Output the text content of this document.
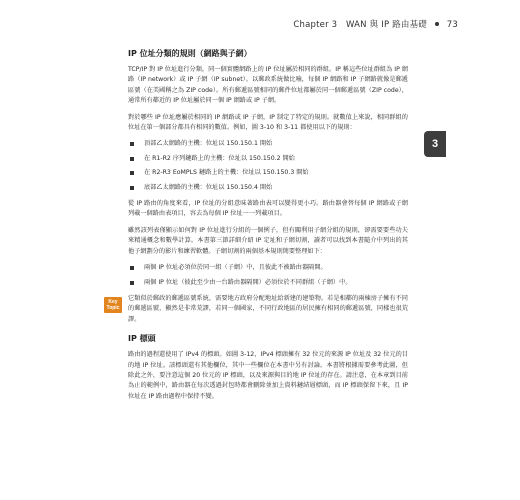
Chapter 3 WAN 與 IP 路由基礎 73
3
Key
Topic
IP 位址分類的規則（網路與子網）

TCP/IP 對 IP 位址進行分類。同一個實體網路上的 IP 位址屬於相同的群組。IP 稱這些位址群組為 IP 網路（IP network）或 IP 子網（IP subnet）。以郵政系統做比喻，每個 IP 網路和 IP 子網路就像是郵遞區號（在美國稱之為 ZIP code）。所有郵遞區號相同的郵件位址都屬於同一個郵遞區號（ZIP code），通常所有鄰近的 IP 位址屬於同一個 IP 網路或 IP 子網。

對於哪些 IP 位址應屬於相同的 IP 網路或 IP 子網，IP 制定了特定的規則。就數值上來說，相同群組的位址在第一個部分都具有相同的數值。例如，圖 3-10 和 3-11 都使用以下的規則：

頂部乙太網路的主機：位址以 150.150.1 開始
在 R1-R2 序列鏈路上的主機：位址以 150.150.2 開始
在 R2-R3 EoMPLS 鏈路上的主機：位址以 150.150.3 開始
底部乙太網路的主機：位址以 150.150.4 開始

從 IP 路由的角度來看，IP 位址的分組意味著路由表可以變得更小巧。路由器會替每個 IP 網路或子網列載一個路由表項目，容去為每個 IP 位址一一列載項目。

雖然該列表僅顯示如何對 IP 位址進行分組的一個例子，但有關利用子網分組的規則，卻需要要些功夫來精通概念和數學計算。本書第三節詳細介紹 IP 定址和子網切割，讀者可以找到本書隨介中列出的其他子網劃分的影片和練習軟體。子網切割的兩個基本規則簡要整理如下：

兩個 IP 位址必須位於同一組（子網）中，且彼此不被路由器隔開。
兩個 IP 位址（彼此至少由一台路由器隔開）必須位於不同群組（子網）中。

它類似於郵政的郵遞區號系統，需要地方政府分配地址給新建的建築物。若是相鄰的兩棟房子擁有不同的郵遞區號，顯然是非常荒謬，若同一個國家，不同行政地區的居民擁有相同的郵遞區號，同樣也很荒謬。

IP 標頭

路由的過程還使用了 IPv4 的標頭。如圖 3-12，IPv4 標頭擁有 32 位元的來源 IP 位址及 32 位元的目的地 IP 位址。該標頭還有其他欄位，其中一些欄位在本書中另有討論。本書將根據需要參考此圖，但除此之外，要注意這個 20 位元的 IP 標頭，以及來源與目的地 IP 位址的存在。請注意，在本章到目前為止的範例中，路由器在每次透過封包時都會刪除並加上資料鏈結層標頭，而 IP 標頭保留下來，且 IP 位址在 IP 路由過程中保持不變。
